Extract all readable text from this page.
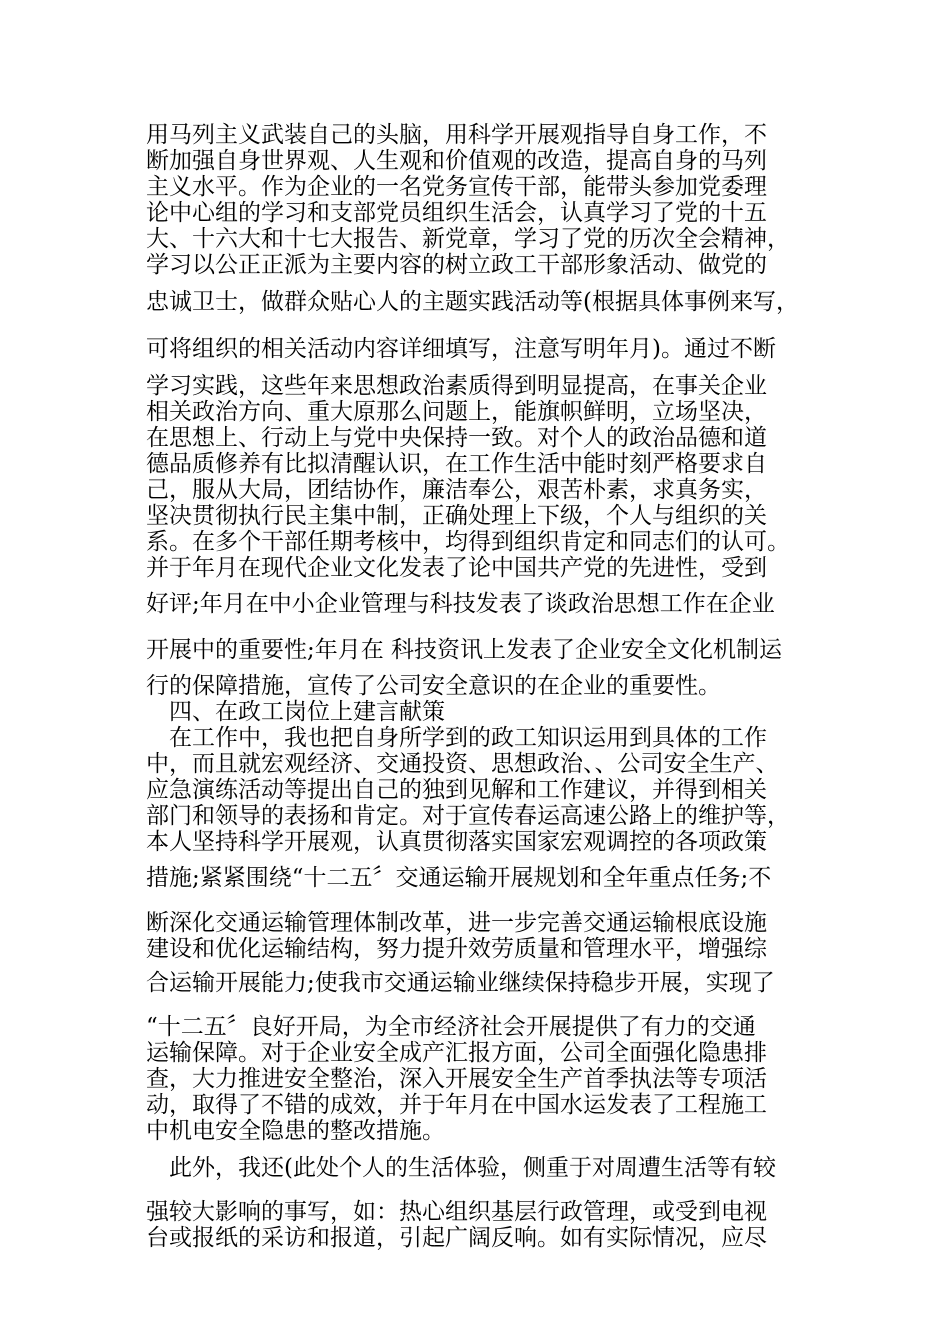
用马列主义武装自己的头脑，用科学开展观指导自身工作，不
断加强自身世界观、人生观和价值观的改造，提高自身的马列
主义水平。作为企业的一名党务宣传干部，能带头参加党委理
论中心组的学习和支部党员组织生活会，认真学习了党的十五
大、十六大和十七大报告、新党章，学习了党的历次全会精神，
学习以公正正派为主要内容的树立政工干部形象活动、做党的
忠诚卫士，做群众贴心人的主题实践活动等(根据具体事例来写，
可将组织的相关活动内容详细填写，注意写明年月)。通过不断
学习实践，这些年来思想政治素质得到明显提高，在事关企业
相关政治方向、重大原那么问题上，能旗帜鲜明，立场坚决，
在思想上、行动上与党中央保持一致。对个人的政治品德和道
德品质修养有比拟清醒认识，在工作生活中能时刻严格要求自
己，服从大局，团结协作，廉洁奉公，艰苦朴素，求真务实，
坚决贯彻执行民主集中制，正确处理上下级，个人与组织的关
系。在多个干部任期考核中，均得到组织肯定和同志们的认可。
并于年月在现代企业文化发表了论中国共产党的先进性，受到
好评;年月在中小企业管理与科技发表了谈政治思想工作在企业
开展中的重要性;年月在 科技资讯上发表了企业安全文化机制运
行的保障措施，宣传了公司安全意识的在企业的重要性。
　四、在政工岗位上建言献策
　在工作中，我也把自身所学到的政工知识运用到具体的工作
中，而且就宏观经济、交通投资、思想政治、、公司安全生产、
应急演练活动等提出自己的独到见解和工作建议，并得到相关
部门和领导的表扬和肯定。对于宣传春运高速公路上的维护等，
本人坚持科学开展观，认真贯彻落实国家宏观调控的各项政策
措施;紧紧围绕“十二五〞交通运输开展规划和全年重点任务;不
断深化交通运输管理体制改革，进一步完善交通运输根底设施
建设和优化运输结构，努力提升效劳质量和管理水平，增强综
合运输开展能力;使我市交通运输业继续保持稳步开展，实现了
“十二五〞良好开局，为全市经济社会开展提供了有力的交通
运输保障。对于企业安全成产汇报方面，公司全面强化隐患排
查，大力推进安全整治，深入开展安全生产首季执法等专项活
动，取得了不错的成效，并于年月在中国水运发表了工程施工
中机电安全隐患的整改措施。
　此外，我还(此处个人的生活体验，侧重于对周遭生活等有较
强较大影响的事写，如：热心组织基层行政管理，或受到电视
台或报纸的采访和报道，引起广阔反响。如有实际情况，应尽
